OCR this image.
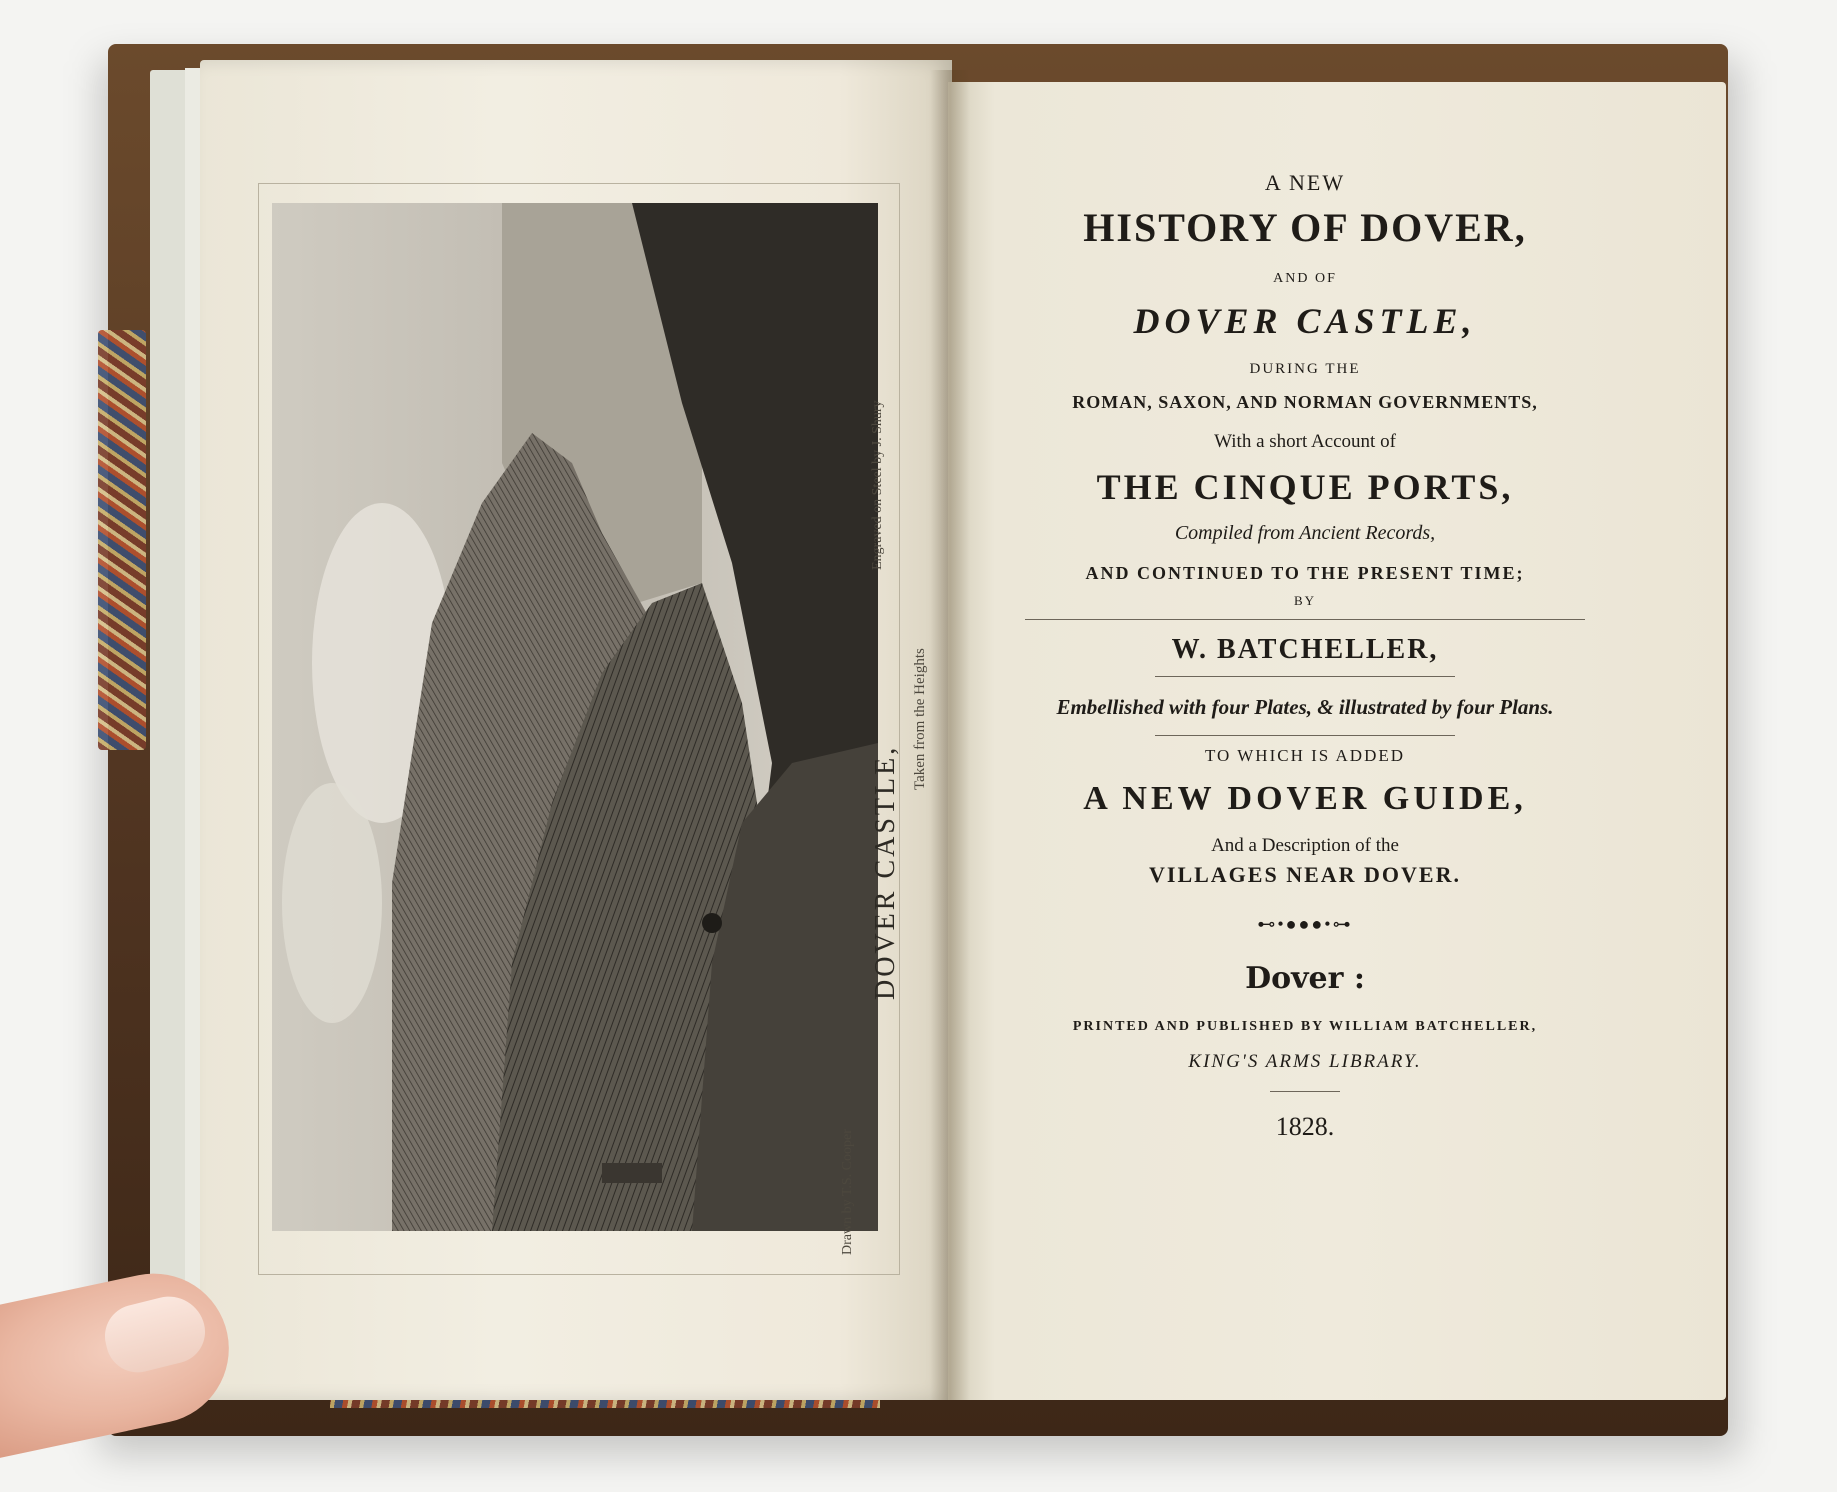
DOVER CASTLE,
Taken from the Heights
Engraved on Steel by J. Shury
Drawn by T.S. Cooper

A NEW

HISTORY OF DOVER,

AND OF

DOVER CASTLE,

DURING THE

ROMAN, SAXON, AND NORMAN GOVERNMENTS,

With a short Account of

THE CINQUE PORTS,

Compiled from Ancient Records,

AND CONTINUED TO THE PRESENT TIME;

BY

W. BATCHELLER,

Embellished with four Plates, & illustrated by four Plans.

TO WHICH IS ADDED

A NEW DOVER GUIDE,

And a Description of the

VILLAGES NEAR DOVER.

⊷•●●●•⊶

Dover :

PRINTED AND PUBLISHED BY WILLIAM BATCHELLER,

KING'S ARMS LIBRARY.

1828.
